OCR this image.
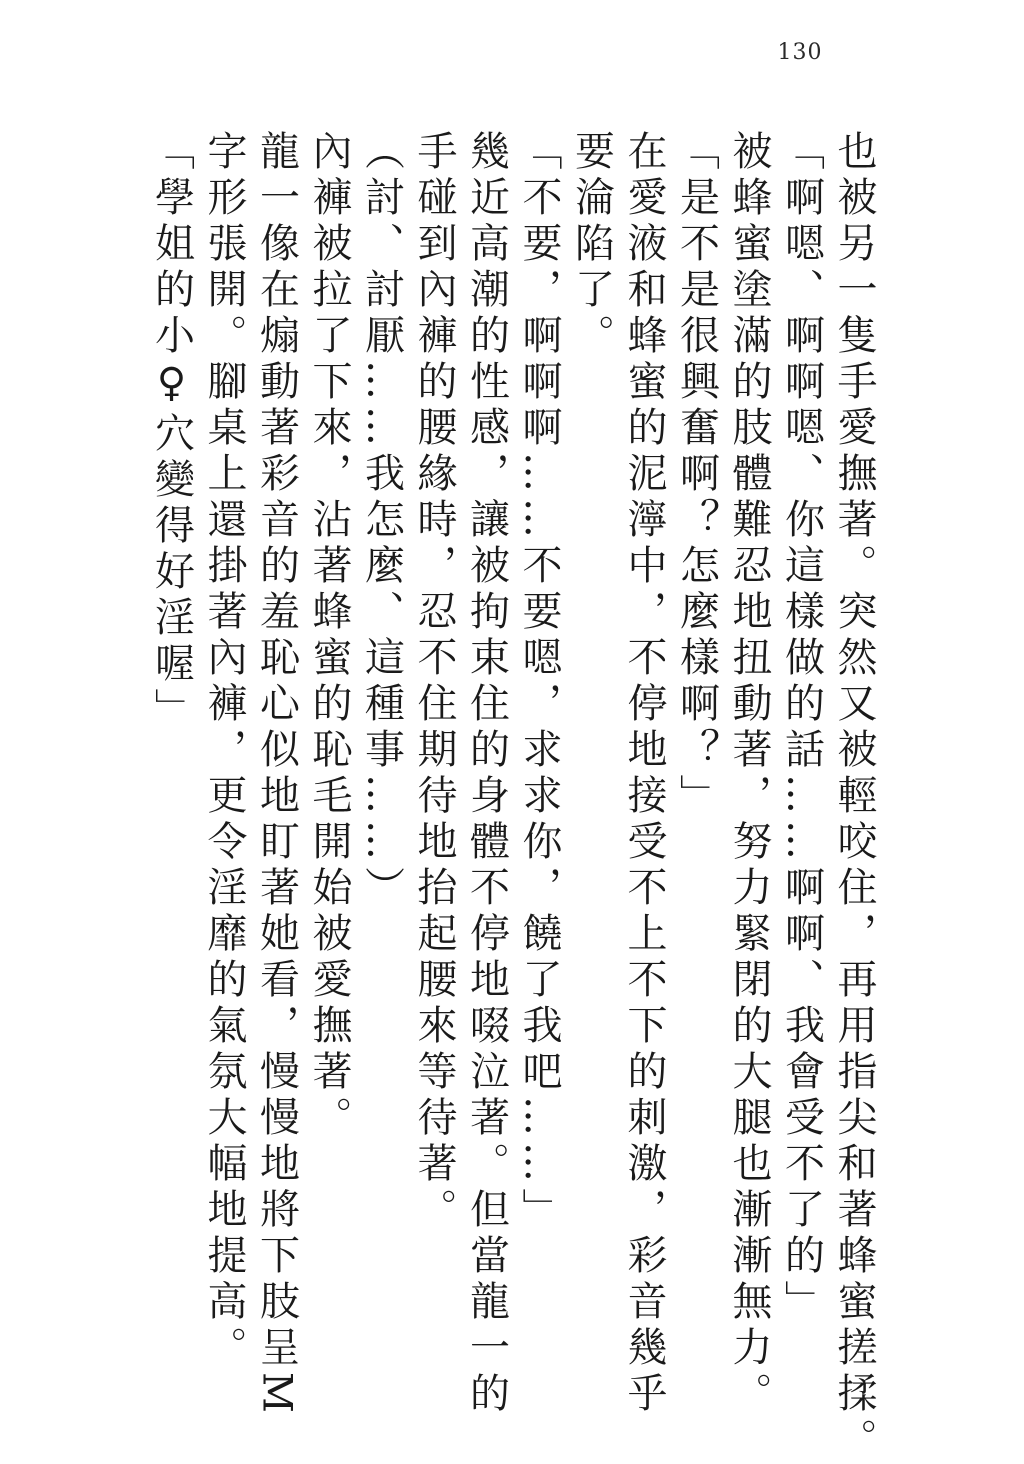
130

也被另一隻手愛撫著。突然又被輕咬住，再用指尖和著蜂蜜搓揉。

「啊嗯、啊啊嗯、你這樣做的話……啊啊、我會受不了的」

被蜂蜜塗滿的肢體難忍地扭動著，努力緊閉的大腿也漸漸無力。

「是不是很興奮啊？怎麼樣啊？」

在愛液和蜂蜜的泥濘中，不停地接受不上不下的刺激，彩音幾乎

要淪陷了。

「不要，啊啊啊……不要嗯，求求你，饒了我吧……」

幾近高潮的性感，讓被拘束住的身體不停地啜泣著。但當龍一的

手碰到內褲的腰緣時，忍不住期待地抬起腰來等待著。

（討、討厭……我怎麼、這種事……）

內褲被拉了下來，沾著蜂蜜的恥毛開始被愛撫著。

龍一像在煽動著彩音的羞恥心似地盯著她看，慢慢地將下肢呈M

字形張開。腳桌上還掛著內褲，更令淫靡的氣氛大幅地提高。

「學姐的小♀穴變得好淫喔」
